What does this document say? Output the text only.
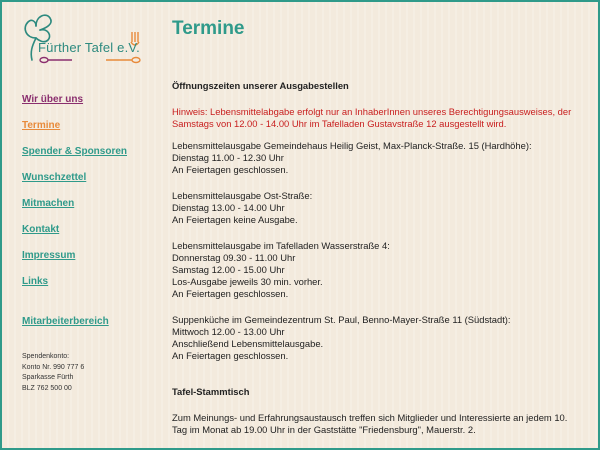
Fürther Tafel e.V.
Termine
Wir über uns
Termine
Spender & Sponsoren
Wunschzettel
Mitmachen
Kontakt
Impressum
Links
Mitarbeiterbereich
Spendenkonto:
Konto Nr. 990 777 6
Sparkasse Fürth
BLZ 762 500 00

Öffnungszeiten unserer Ausgabestellen

Hinweis: Lebensmittelabgabe erfolgt nur an InhaberInnen unseres Berechtigungsausweises, der

Samstags von 12.00 - 14.00 Uhr im Tafelladen Gustavstraße 12 ausgestellt wird.

Lebensmittelausgabe Gemeindehaus Heilig Geist, Max-Planck-Straße. 15 (Hardhöhe):

Dienstag 11.00 - 12.30 Uhr

An Feiertagen geschlossen.

Lebensmittelausgabe Ost-Straße:

Dienstag 13.00 - 14.00 Uhr

An Feiertagen keine Ausgabe.

Lebensmittelausgabe im Tafelladen Wasserstraße 4:

Donnerstag 09.30 - 11.00 Uhr

Samstag 12.00 - 15.00 Uhr

Los-Ausgabe jeweils 30 min. vorher.

An Feiertagen geschlossen.

Suppenküche im Gemeindezentrum St. Paul, Benno-Mayer-Straße 11 (Südstadt):

Mittwoch 12.00 - 13.00 Uhr

Anschließend Lebensmittelausgabe.

An Feiertagen geschlossen.

Tafel-Stammtisch

Zum Meinungs- und Erfahrungsaustausch treffen sich Mitglieder und Interessierte an jedem 10.

Tag im Monat ab 19.00 Uhr in der Gaststätte "Friedensburg", Mauerstr. 2.
